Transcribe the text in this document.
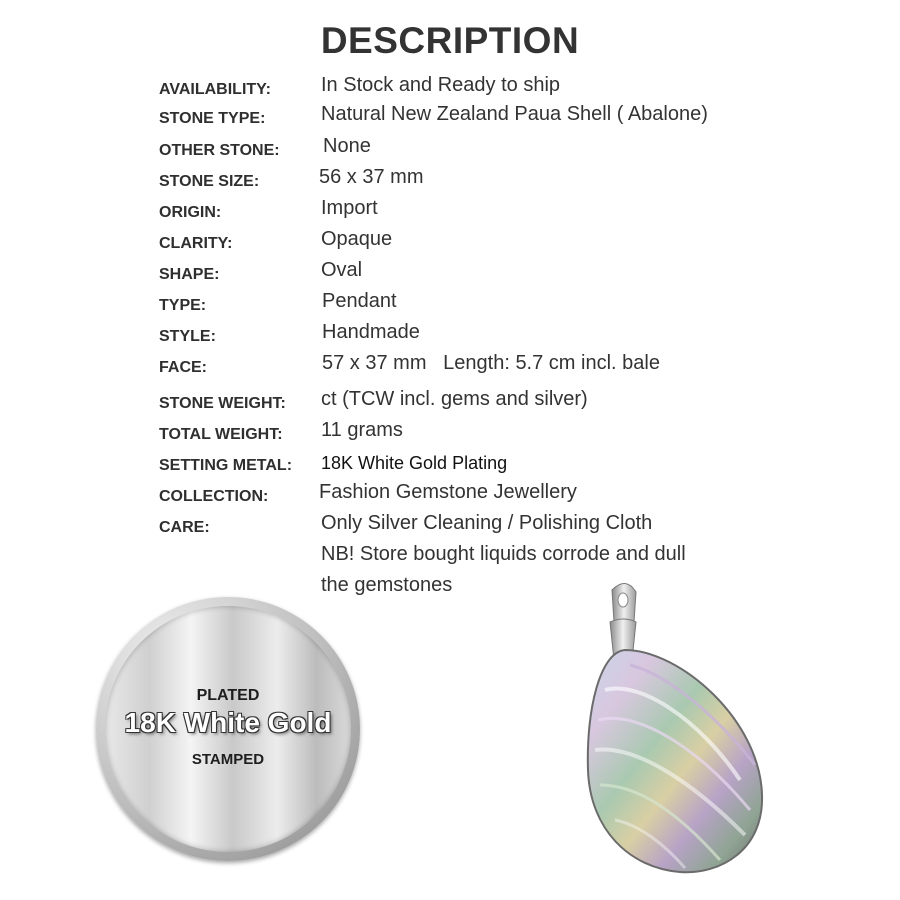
DESCRIPTION
AVAILABILITY:	In Stock and Ready to ship
STONE TYPE:	Natural New Zealand Paua Shell ( Abalone)
OTHER STONE: None
STONE SIZE:	56 x 37 mm
ORIGIN:	Import
CLARITY:	Opaque
SHAPE:	Oval
TYPE:	Pendant
STYLE:	Handmade
FACE:	57 x 37 mm   Length: 5.7 cm incl. bale
STONE WEIGHT: ct (TCW incl. gems and silver)
TOTAL WEIGHT: 11 grams
SETTING METAL: 18K White Gold Plating
COLLECTION:	Fashion Gemstone Jewellery
CARE:	Only Silver Cleaning / Polishing Cloth
NB! Store bought liquids corrode and dull
the gemstones
PLATED
18K White Gold
STAMPED
